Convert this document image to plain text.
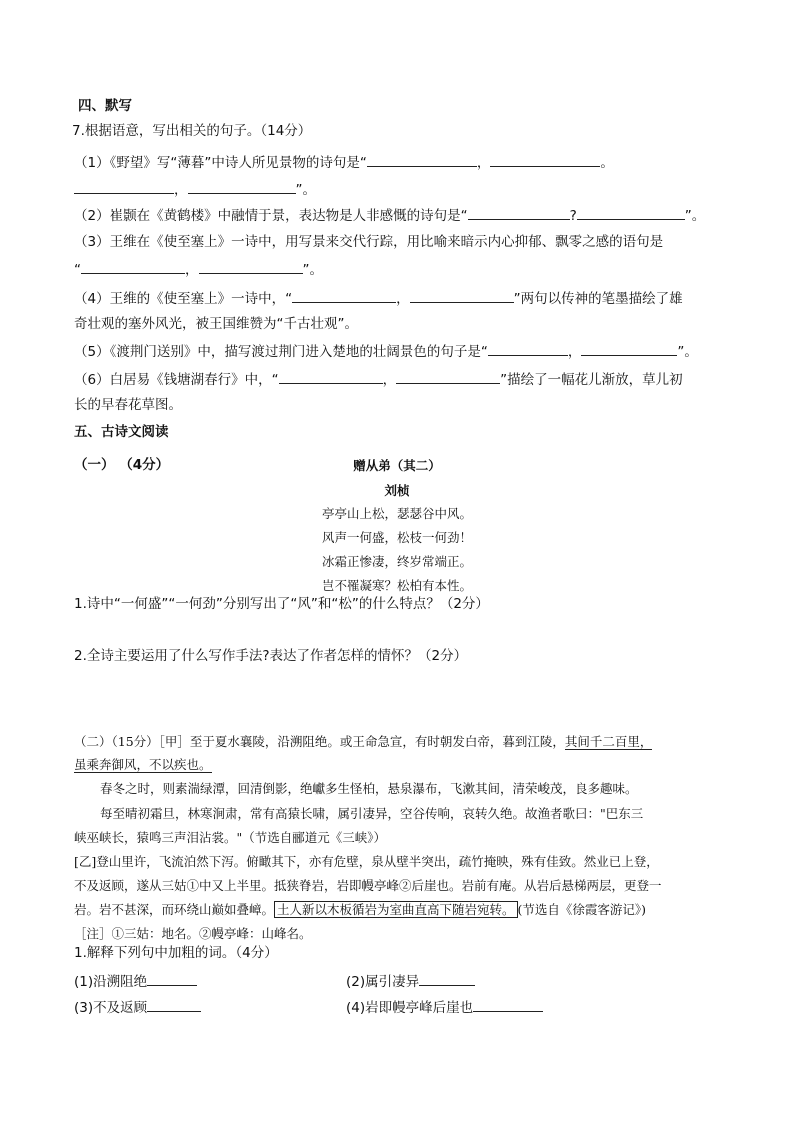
四、默写
7.根据语意，写出相关的句子。（14分）
（1）《野望》写“薄暮”中诗人所见景物的诗句是“	，	。
，	”。
（2）崔颢在《黄鹤楼》中融情于景，表达物是人非感慨的诗句是“	?	”。
（3）王维在《使至塞上》一诗中，用写景来交代行踪，用比喻来暗示内心抑郁、飘零之感的语句是
“	，	”。
（4）王维的《使至塞上》一诗中，“	，	”两句以传神的笔墨描绘了雄
奇壮观的塞外风光，被王国维赞为“千古壮观”。
（5）《渡荆门送别》中，描写渡过荆门进入楚地的壮阔景色的句子是“	，	”。
（6）白居易《钱塘湖春行》中，“	，	”描绘了一幅花儿渐放，草儿初
长的早春花草图。
五、古诗文阅读
（一） （4分）	赠从弟（其二）
刘桢
亭亭山上松，瑟瑟谷中风。
风声一何盛，松枝一何劲！
冰霜正惨凄，终岁常端正。
岂不罹凝寒？松柏有本性。
1.诗中“一何盛”“一何劲”分别写出了“风”和“松”的什么特点？（2分）
2.全诗主要运用了什么写作手法?表达了作者怎样的情怀？（2分）
（二）（15分）［甲］至于夏水襄陵，沿溯阻绝。或王命急宣，有时朝发白帝，暮到江陵，其间千二百里，
虽乘奔御风，不以疾也。
春冬之时，则素湍绿潭，回清倒影，绝巘多生怪柏，悬泉瀑布，飞漱其间，清荣峻茂，良多趣味。
每至晴初霜旦，林寒涧肃，常有高猿长啸，属引凄异，空谷传响，哀转久绝。故渔者歌曰："巴东三
峡巫峡长，猿鸣三声泪沾裳。"（节选自郦道元《三峡》）
[乙]登山里许，飞流泊然下泻。俯瞰其下，亦有危壁，泉从壁半突出，疏竹掩映，殊有佳致。然业已上登，
不及返顾，遂从三姑①中又上半里。抵狭脊岩，岩即幔亭峰②后崖也。岩前有庵。从岩后悬梯两层，更登一
岩。岩不甚深，而环绕山巅如叠嶂。 土人新以木板循岩为室曲直高下随岩宛转。 (节选自《徐霞客游记》)
［注］①三姑：地名。②幔亭峰：山峰名。
1.解释下列句中加粗的词。（4分）
(1)沿溯阻绝	(2)属引凄异
(3)不及返顾	(4)岩即幔亭峰后崖也
